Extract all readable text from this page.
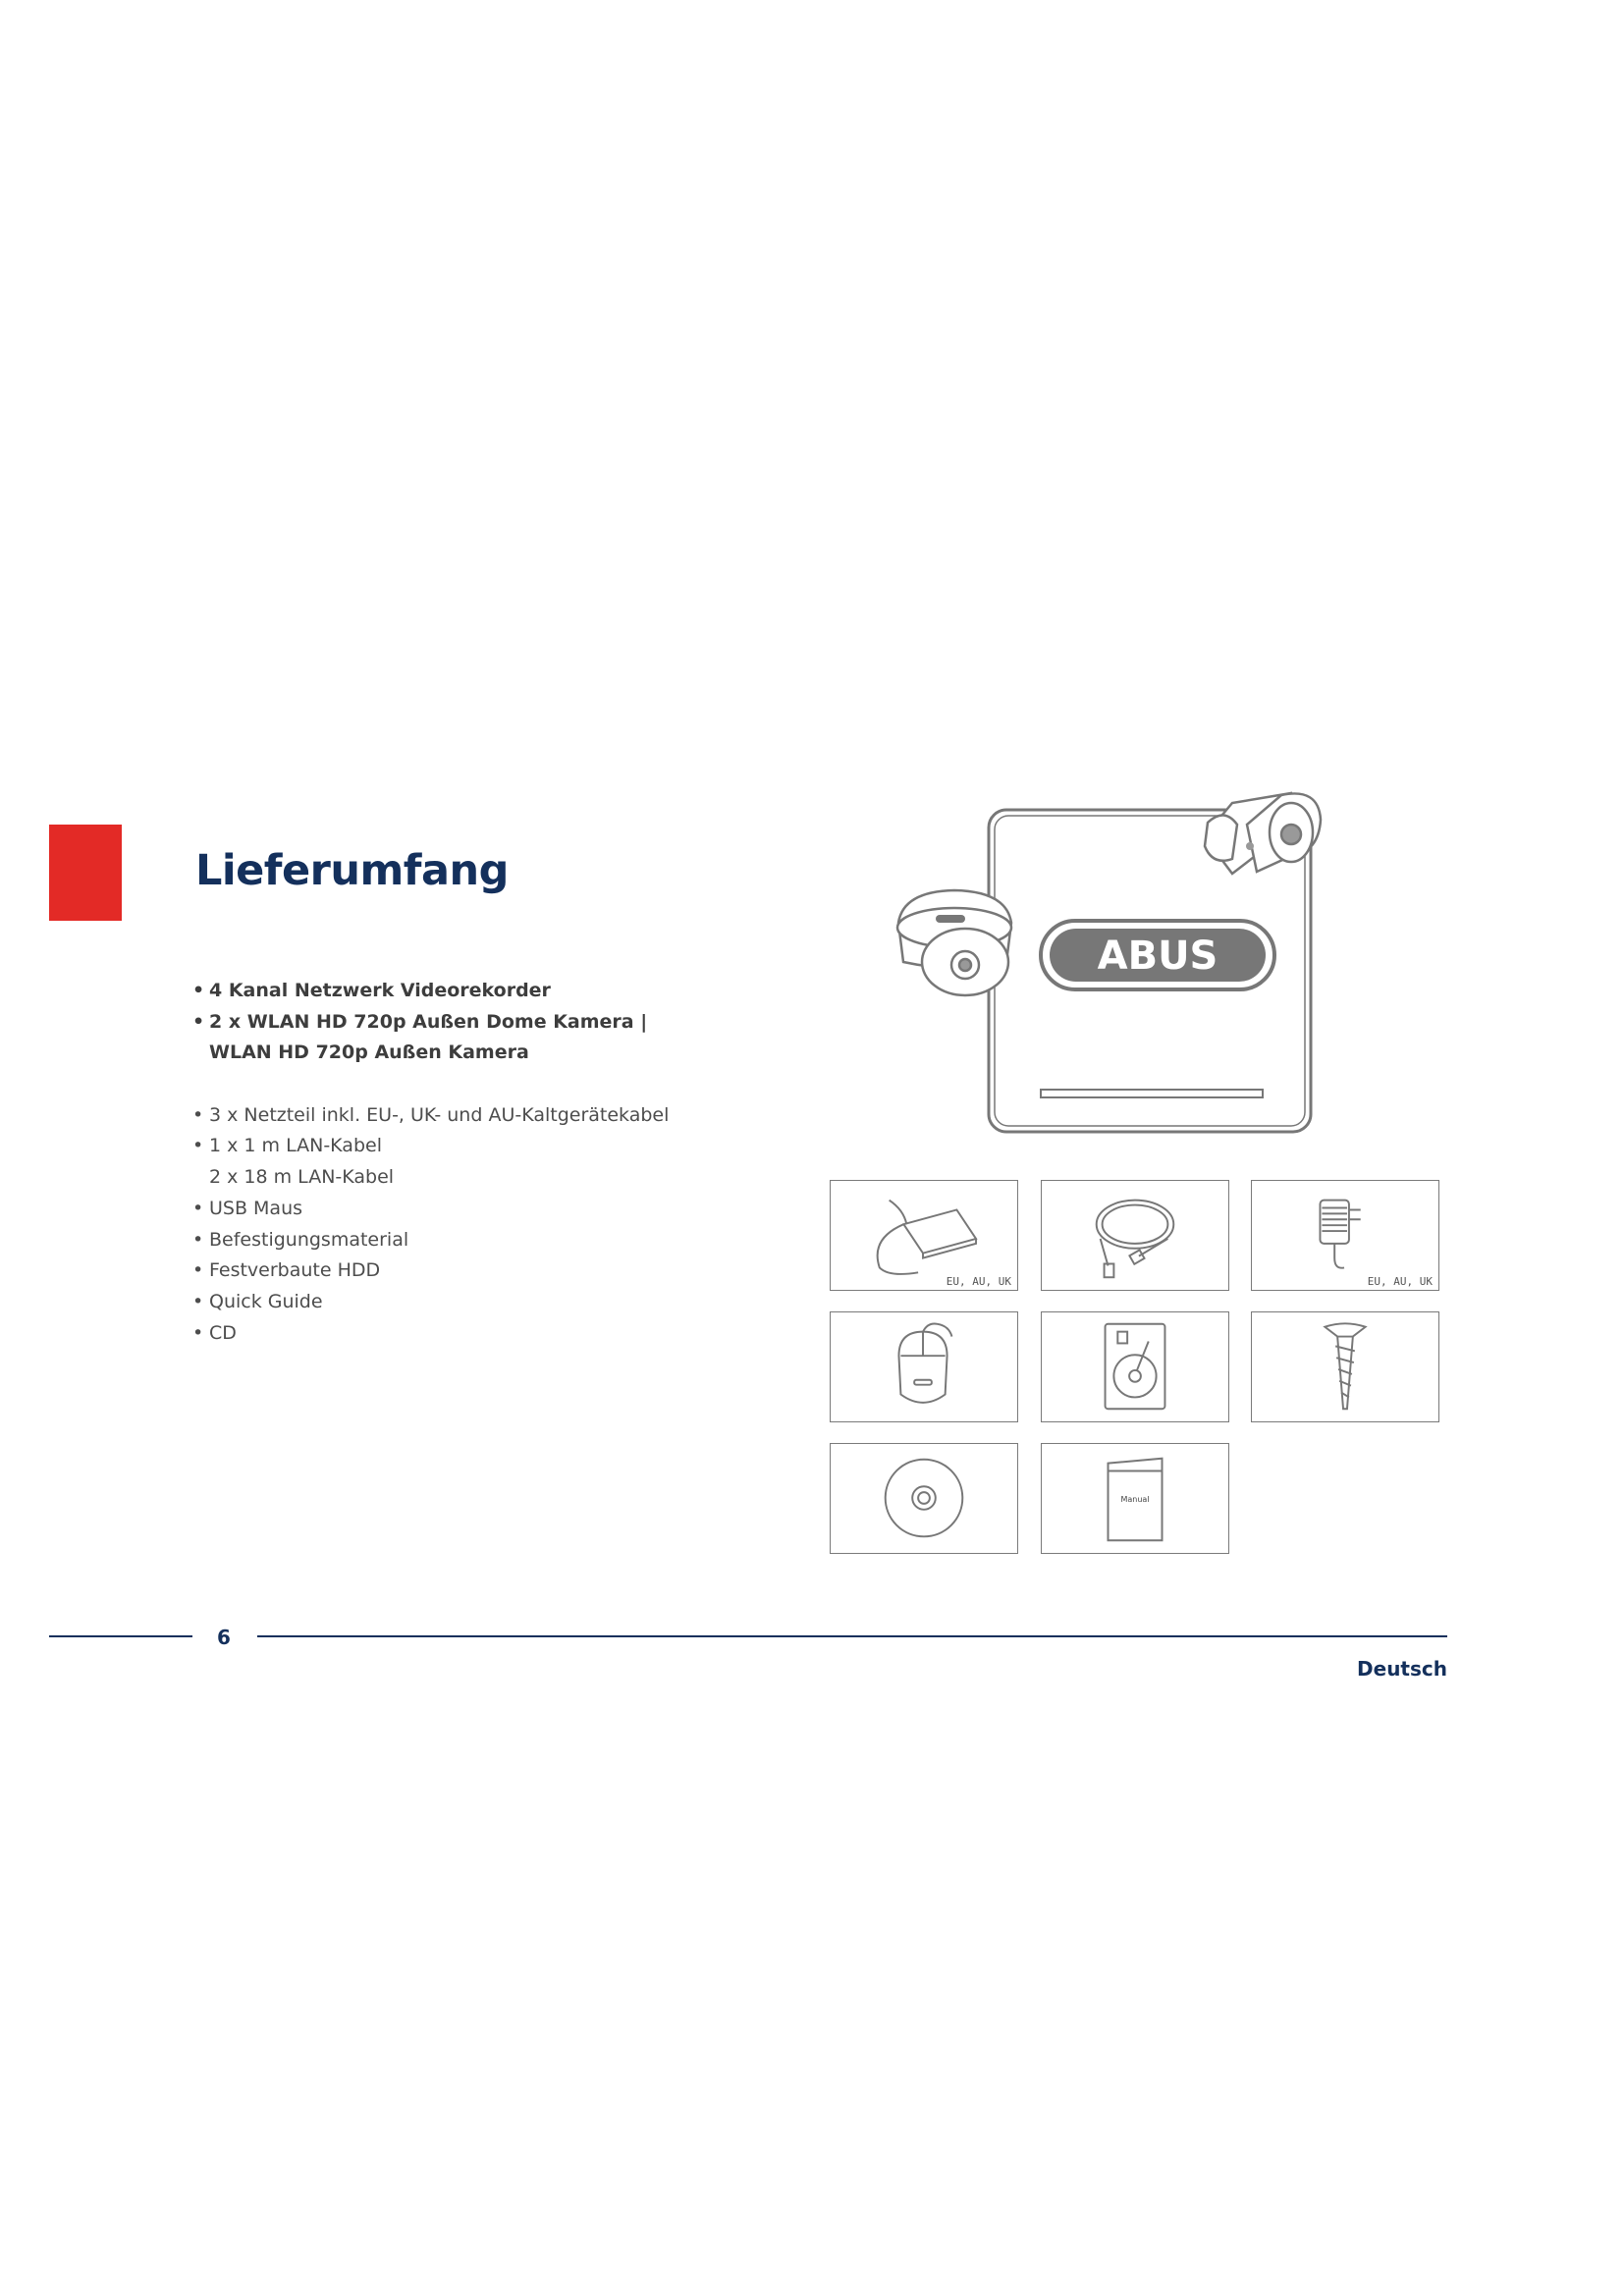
Lieferumfang
• 4 Kanal Netzwerk Videorekorder
• 2 x WLAN HD 720p Außen Dome Kamera |
WLAN HD 720p Außen Kamera
• 3 x Netzteil inkl. EU-, UK- und AU-Kaltgerätekabel
• 1 x 1 m LAN-Kabel
2 x 18 m LAN-Kabel
• USB Maus
• Befestigungsmaterial
• Festverbaute HDD
• Quick Guide
• CD
ABUS
EU, AU, UK	EU, AU, UK
Manual
6
Deutsch
